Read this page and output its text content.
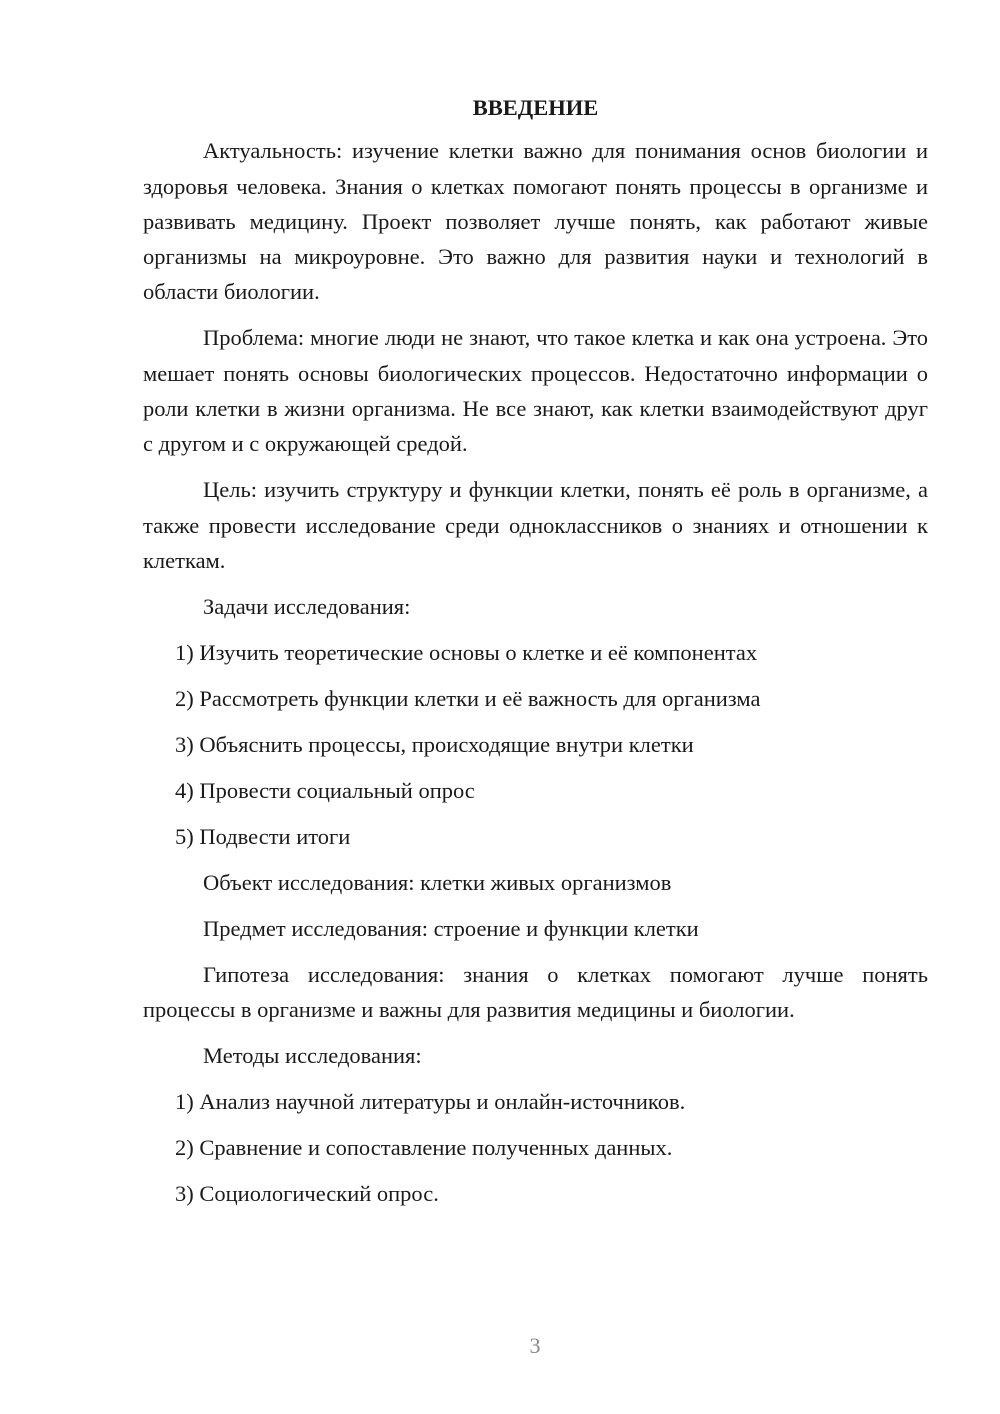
ВВЕДЕНИЕ

Актуальность: изучение клетки важно для понимания основ биологии и здоровья человека. Знания о клетках помогают понять процессы в организме и развивать медицину. Проект позволяет лучше понять, как работают живые организмы на микроуровне. Это важно для развития науки и технологий в области биологии.

Проблема: многие люди не знают, что такое клетка и как она устроена. Это мешает понять основы биологических процессов. Недостаточно информации о роли клетки в жизни организма. Не все знают, как клетки взаимодействуют друг с другом и с окружающей средой.

Цель: изучить структуру и функции клетки, понять её роль в организме, а также провести исследование среди одноклассников о знаниях и отношении к клеткам.

Задачи исследования:

1) Изучить теоретические основы о клетке и её компонентах

2) Рассмотреть функции клетки и её важность для организма

3) Объяснить процессы, происходящие внутри клетки

4) Провести социальный опрос

5) Подвести итоги

Объект исследования: клетки живых организмов

Предмет исследования: строение и функции клетки

Гипотеза исследования: знания о клетках помогают лучше понять процессы в организме и важны для развития медицины и биологии.

Методы исследования:

1) Анализ научной литературы и онлайн-источников.

2) Сравнение и сопоставление полученных данных.

3) Социологический опрос.

3
